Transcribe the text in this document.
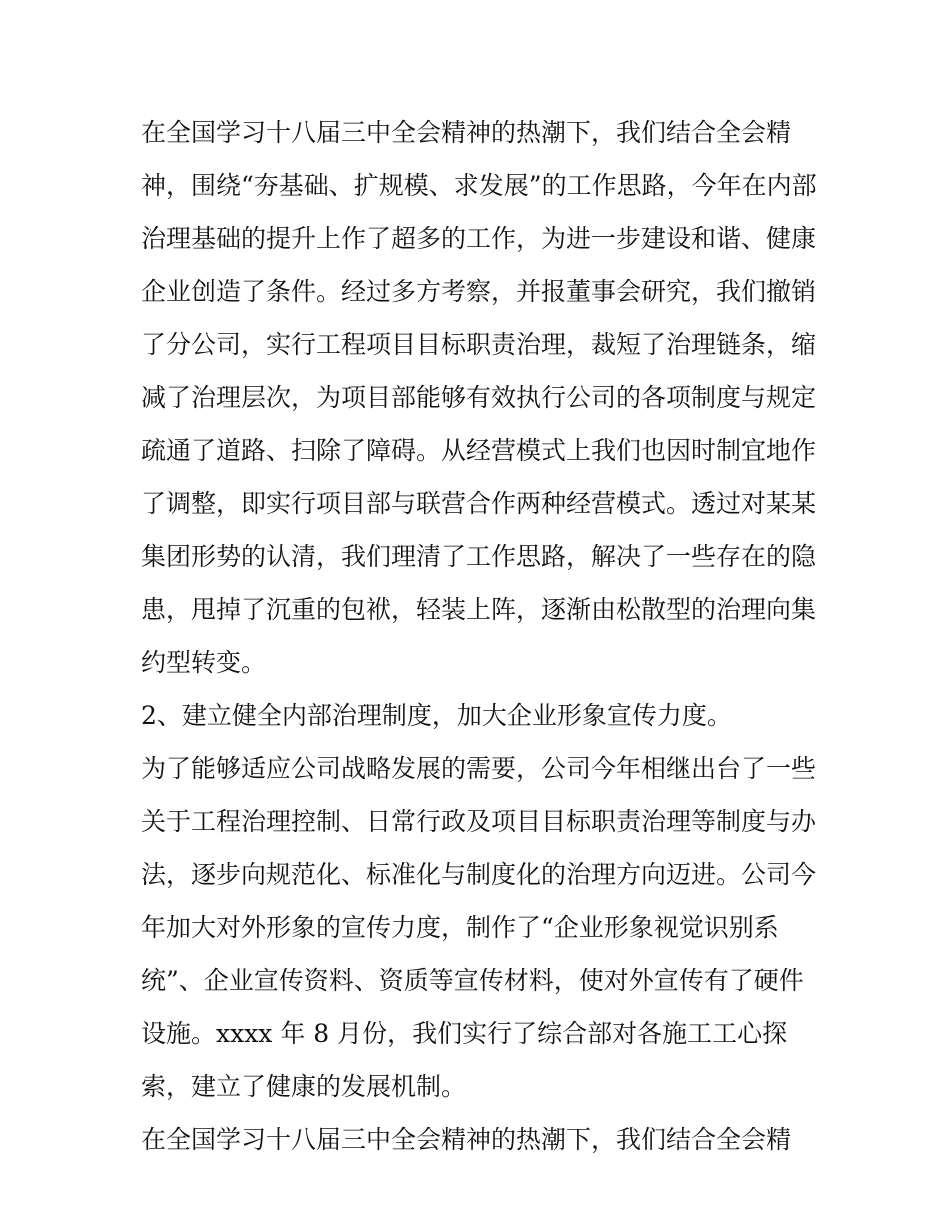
在全国学习十八届三中全会精神的热潮下，我们结合全会精
神，围绕“夯基础、扩规模、求发展”的工作思路，今年在内部
治理基础的提升上作了超多的工作，为进一步建设和谐、健康
企业创造了条件。经过多方考察，并报董事会研究，我们撤销
了分公司，实行工程项目目标职责治理，裁短了治理链条，缩
减了治理层次，为项目部能够有效执行公司的各项制度与规定
疏通了道路、扫除了障碍。从经营模式上我们也因时制宜地作
了调整，即实行项目部与联营合作两种经营模式。透过对某某
集团形势的认清，我们理清了工作思路，解决了一些存在的隐
患，甩掉了沉重的包袱，轻装上阵，逐渐由松散型的治理向集
约型转变。
2、建立健全内部治理制度，加大企业形象宣传力度。
为了能够适应公司战略发展的需要，公司今年相继出台了一些
关于工程治理控制、日常行政及项目目标职责治理等制度与办
法，逐步向规范化、标准化与制度化的治理方向迈进。公司今
年加大对外形象的宣传力度，制作了“企业形象视觉识别系
统”、企业宣传资料、资质等宣传材料，使对外宣传有了硬件
设施。xxxx 年 8 月份，我们实行了综合部对各施工工心探
索，建立了健康的发展机制。
在全国学习十八届三中全会精神的热潮下，我们结合全会精
